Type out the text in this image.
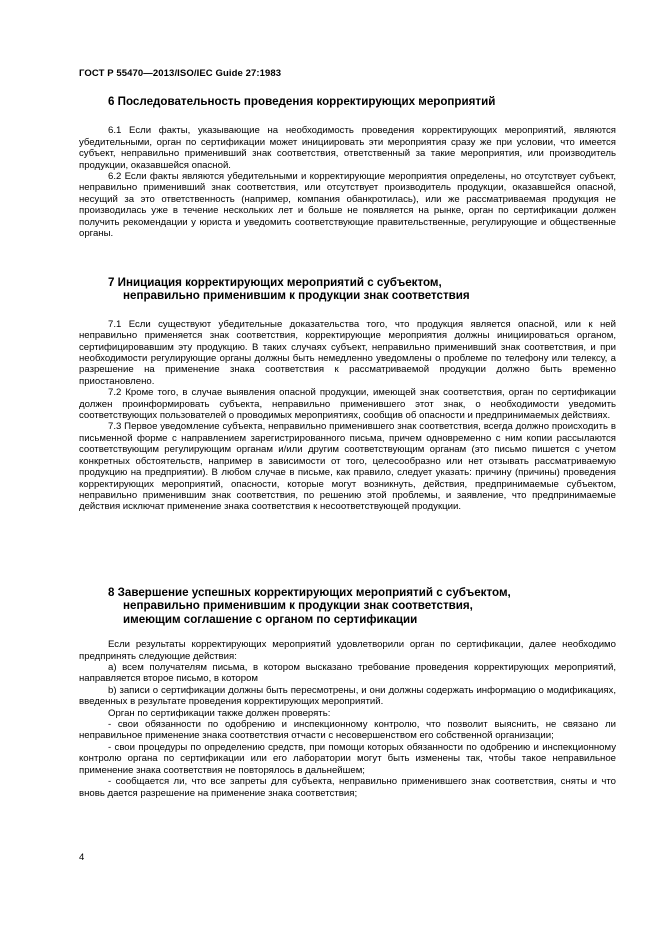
ГОСТ Р 55470—2013/ISO/IEC Guide 27:1983
6 Последовательность проведения корректирующих мероприятий

6.1 Если факты, указывающие на необходимость проведения корректирующих мероприятий, являются убедительными, орган по сертификации может инициировать эти мероприятия сразу же при условии, что имеется субъект, неправильно применивший знак соответствия, ответственный за такие мероприятия, или производитель продукции, оказавшейся опасной.

6.2 Если факты являются убедительными и корректирующие мероприятия определены, но отсутствует субъект, неправильно применивший знак соответствия, или отсутствует производитель продукции, оказавшейся опасной, несущий за это ответственность (например, компания обанкротилась), или же рассматриваемая продукция не производилась уже в течение нескольких лет и больше не появляется на рынке, орган по сертификации должен получить рекомендации у юриста и уведомить соответствующие правительственные, регулирующие и общественные органы.

7 Инициация корректирующих мероприятий с субъектом,
неправильно применившим к продукции знак соответствия

7.1 Если существуют убедительные доказательства того, что продукция является опасной, или к ней неправильно применяется знак соответствия, корректирующие мероприятия должны инициироваться органом, сертифицировавшим эту продукцию. В таких случаях субъект, неправильно применивший знак соответствия, и при необходимости регулирующие органы должны быть немедленно уведомлены о проблеме по телефону или телексу, а разрешение на применение знака соответствия к рассматриваемой продукции должно быть временно приостановлено.

7.2 Кроме того, в случае выявления опасной продукции, имеющей знак соответствия, орган по сертификации должен проинформировать субъекта, неправильно применившего этот знак, о необходимости уведомить соответствующих пользователей о проводимых мероприятиях, сообщив об опасности и предпринимаемых действиях.

7.3 Первое уведомление субъекта, неправильно применившего знак соответствия, всегда должно происходить в письменной форме с направлением зарегистрированного письма, причем одновременно с ним копии рассылаются соответствующим регулирующим органам и/или другим соответствующим органам (это письмо пишется с учетом конкретных обстоятельств, например в зависимости от того, целесообразно или нет отзывать рассматриваемую продукцию на предприятии). В любом случае в письме, как правило, следует указать: причину (причины) проведения корректирующих мероприятий, опасности, которые могут возникнуть, действия, предпринимаемые субъектом, неправильно применившим знак соответствия, по решению этой проблемы, и заявление, что предпринимаемые действия исключат применение знака соответствия к несоответствующей продукции.

8 Завершение успешных корректирующих мероприятий с субъектом,
неправильно применившим к продукции знак соответствия,
имеющим соглашение с органом по сертификации

Если результаты корректирующих мероприятий удовлетворили орган по сертификации, далее необходимо предпринять следующие действия:

a) всем получателям письма, в котором высказано требование проведения корректирующих мероприятий, направляется второе письмо, в котором

b) записи о сертификации должны быть пересмотрены, и они должны содержать информацию о модификациях, введенных в результате проведения корректирующих мероприятий.

Орган по сертификации также должен проверять:

- свои обязанности по одобрению и инспекционному контролю, что позволит выяснить, не связано ли неправильное применение знака соответствия отчасти с несовершенством его собственной организации;

- свои процедуры по определению средств, при помощи которых обязанности по одобрению и инспекционному контролю органа по сертификации или его лаборатории могут быть изменены так, чтобы такое неправильное применение знака соответствия не повторялось в дальнейшем;

- сообщается ли, что все запреты для субъекта, неправильно применившего знак соответствия, сняты и что вновь дается разрешение на применение знака соответствия;

4
